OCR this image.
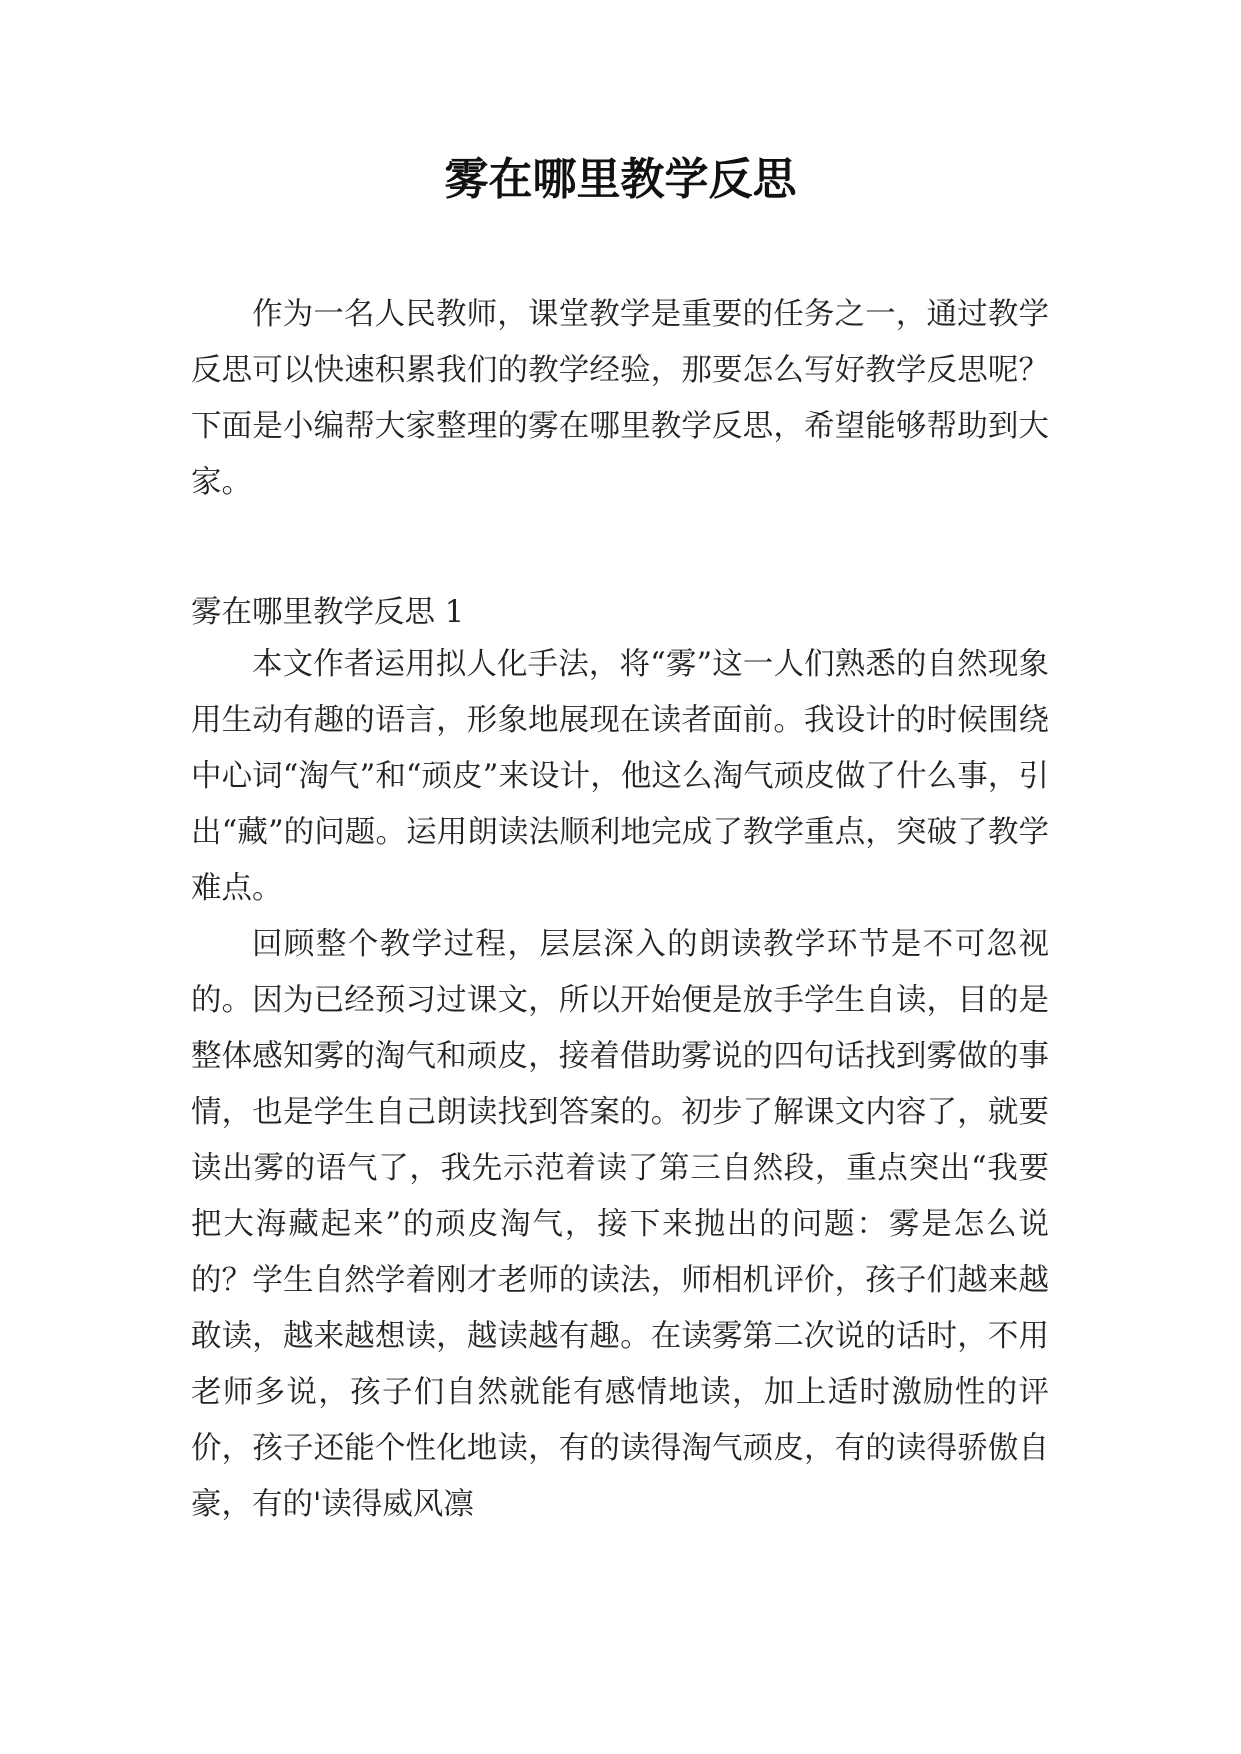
雾在哪里教学反思

作为一名人民教师，课堂教学是重要的任务之一，通过教学反思可以快速积累我们的教学经验，那要怎么写好教学反思呢？下面是小编帮大家整理的雾在哪里教学反思，希望能够帮助到大家。

雾在哪里教学反思 1

本文作者运用拟人化手法，将“雾”这一人们熟悉的自然现象用生动有趣的语言，形象地展现在读者面前。我设计的时候围绕中心词“淘气”和“顽皮”来设计，他这么淘气顽皮做了什么事，引出“藏”的问题。运用朗读法顺利地完成了教学重点，突破了教学难点。

回顾整个教学过程，层层深入的朗读教学环节是不可忽视的。因为已经预习过课文，所以开始便是放手学生自读，目的是整体感知雾的淘气和顽皮，接着借助雾说的四句话找到雾做的事情，也是学生自己朗读找到答案的。初步了解课文内容了，就要读出雾的语气了，我先示范着读了第三自然段，重点突出“我要把大海藏起来”的顽皮淘气，接下来抛出的问题：雾是怎么说的？学生自然学着刚才老师的读法，师相机评价，孩子们越来越敢读，越来越想读，越读越有趣。在读雾第二次说的话时，不用老师多说，孩子们自然就能有感情地读，加上适时激励性的评价，孩子还能个性化地读，有的读得淘气顽皮，有的读得骄傲自豪，有的'读得威风凛
